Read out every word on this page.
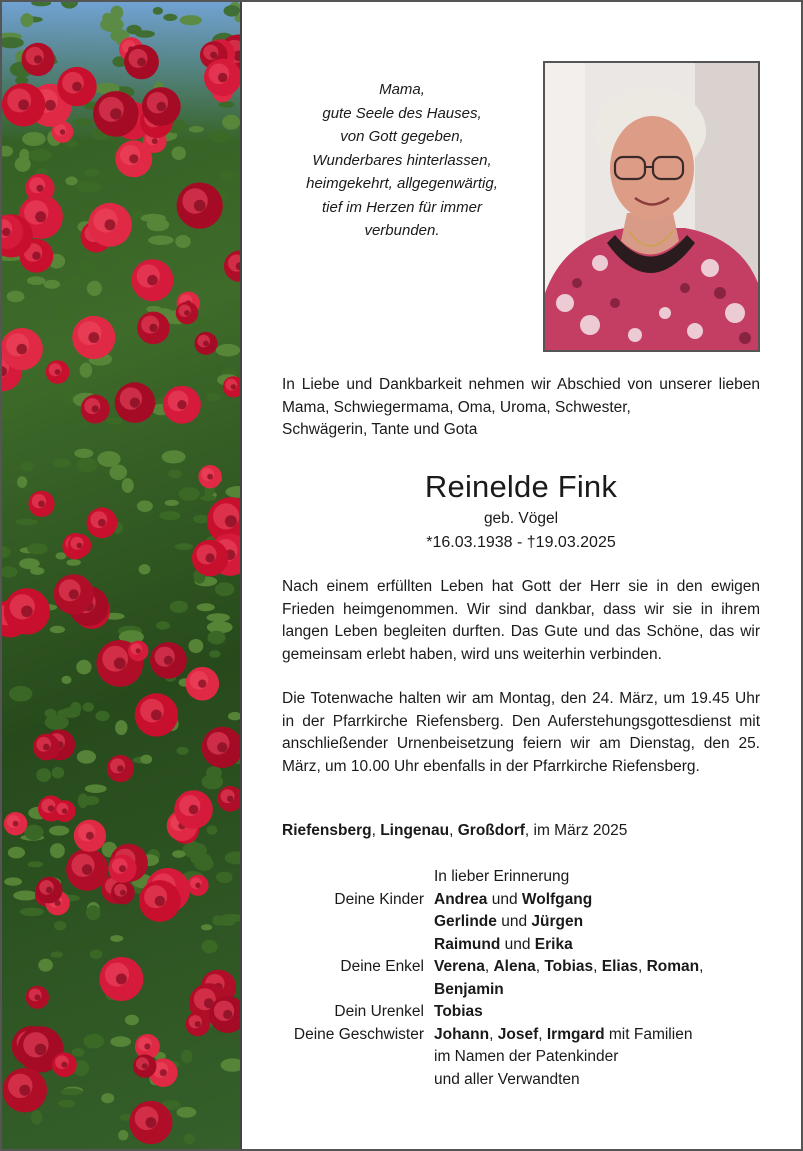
Mama,
gute Seele des Hauses,
von Gott gegeben,
Wunderbares hinterlassen,
heimgekehrt, allgegenwärtig,
tief im Herzen für immer
verbunden.
In Liebe und Dankbarkeit nehmen wir Abschied von unserer lieben Mama, Schwiegermama, Oma, Uroma, Schwester,
Schwägerin, Tante und Gota
Reinelde Fink
geb. Vögel
*16.03.1938 - †19.03.2025
Nach einem erfüllten Leben hat Gott der Herr sie in den ewigen Frieden heimgenommen. Wir sind dankbar, dass wir sie in ihrem langen Leben begleiten durften. Das Gute und das Schöne, das wir gemeinsam erlebt haben, wird uns weiterhin verbinden.
Die Totenwache halten wir am Montag, den 24. März, um 19.45 Uhr in der Pfarrkirche Riefensberg. Den Auferstehungsgottesdienst mit anschließender Urnenbeisetzung feiern wir am Dienstag, den 25. März, um 10.00 Uhr ebenfalls in der Pfarrkirche Riefensberg.
Riefensberg, Lingenau, Großdorf, im März 2025
In lieber Erinnerung
Deine Kinder Andrea und Wolfgang
Gerlinde und Jürgen
Raimund und Erika
Deine Enkel Verena, Alena, Tobias, Elias, Roman,
Benjamin
Dein Urenkel Tobias
Deine Geschwister Johann, Josef, Irmgard mit Familien
im Namen der Patenkinder
und aller Verwandten
